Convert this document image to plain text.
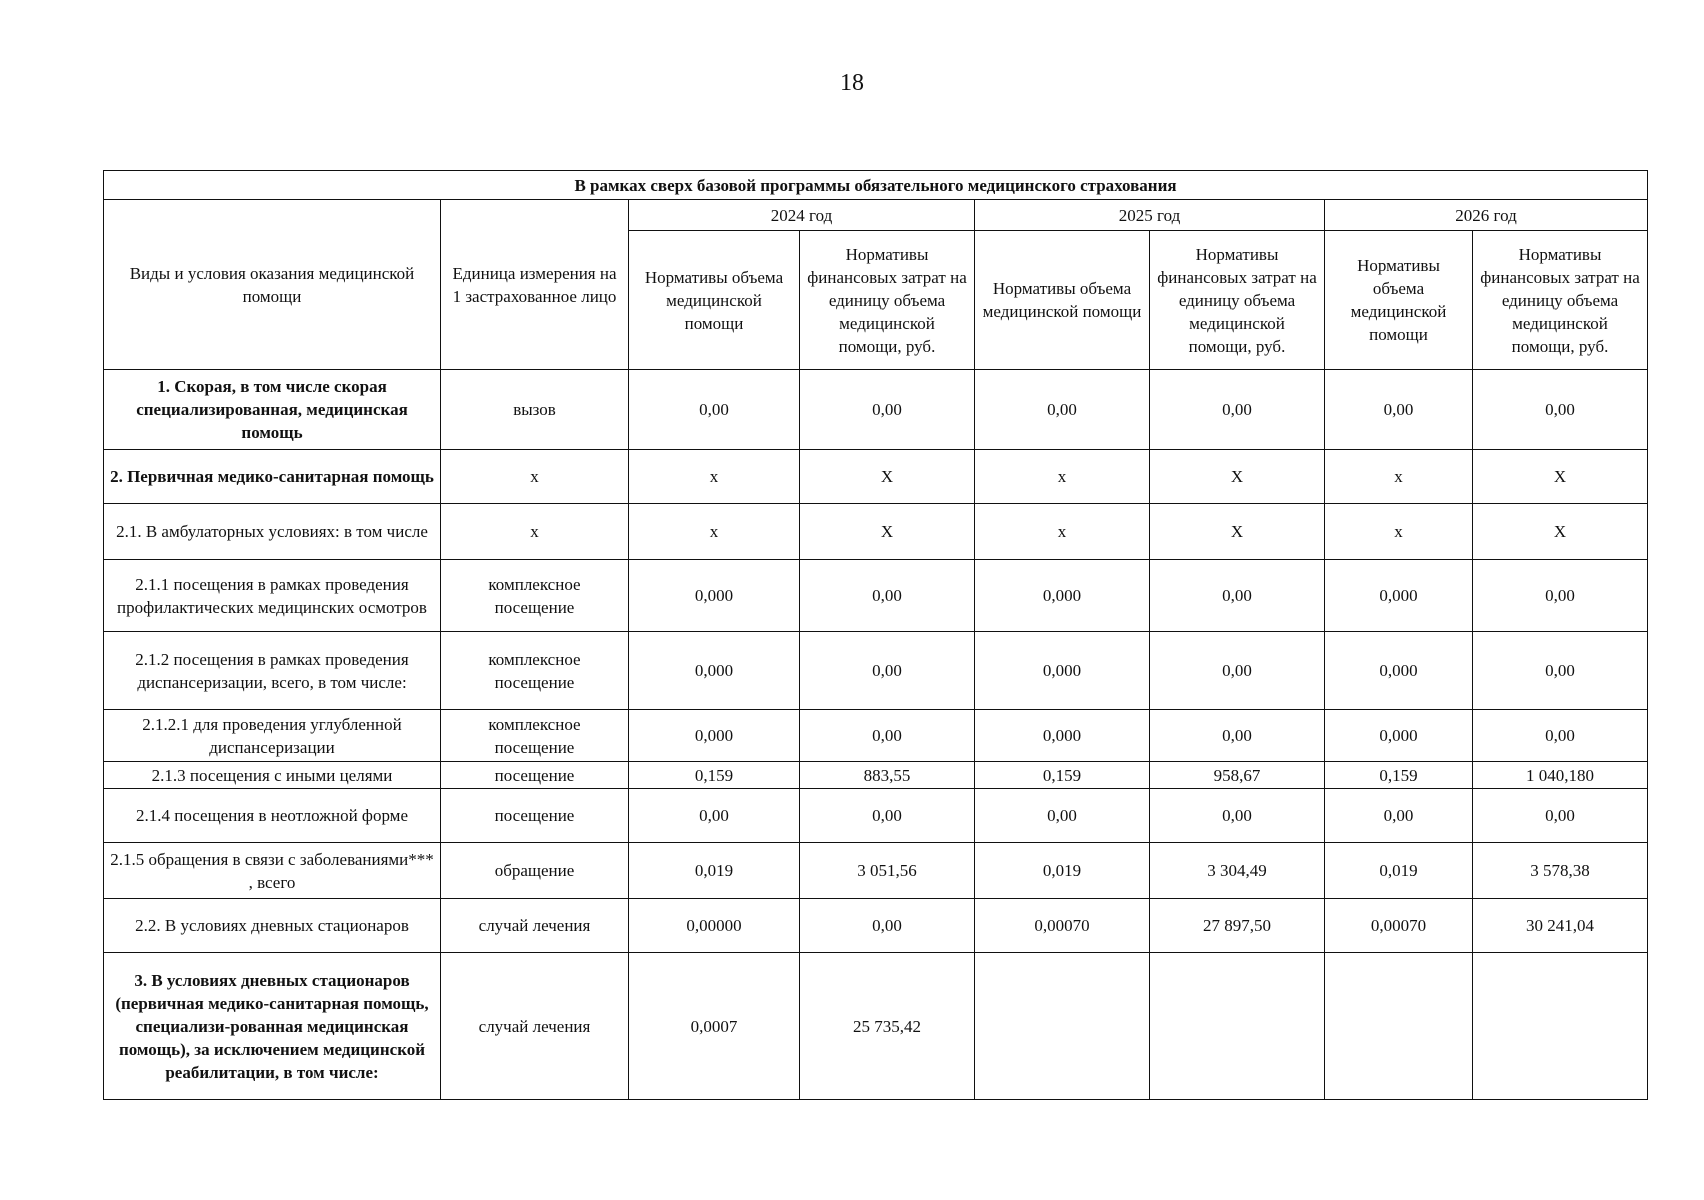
18
В рамках сверх базовой программы обязательного медицинского страхования							
Виды и условия оказания медицинской помощи	Единица измерения на 1 застрахованное лицо	2024 год		2025 год		2026 год	
		Нормативы объема медицинской помощи	Нормативы финансовых затрат на единицу объема медицинской помощи, руб.	Нормативы объема медицинской помощи	Нормативы финансовых затрат на единицу объема медицинской помощи, руб.	Нормативы объема медицинской помощи	Нормативы финансовых затрат на единицу объема медицинской помощи, руб.
1. Скорая, в том числе скорая специализированная, медицинская помощь	вызов	0,00	0,00	0,00	0,00	0,00	0,00
2. Первичная медико-санитарная помощь	x	x	X	x	X	x	X
2.1. В амбулаторных условиях: в том числе	x	x	X	x	X	x	X
2.1.1 посещения в рамках проведения профилактических медицинских осмотров	комплексное посещение	0,000	0,00	0,000	0,00	0,000	0,00
2.1.2 посещения в рамках проведения диспансеризации, всего, в том числе:	комплексное посещение	0,000	0,00	0,000	0,00	0,000	0,00
2.1.2.1 для проведения углубленной диспансеризации	комплексное посещение	0,000	0,00	0,000	0,00	0,000	0,00
2.1.3 посещения с иными целями	посещение	0,159	883,55	0,159	958,67	0,159	1 040,180
2.1.4 посещения в неотложной форме	посещение	0,00	0,00	0,00	0,00	0,00	0,00
2.1.5 обращения в связи с заболеваниями*** , всего	обращение	0,019	3 051,56	0,019	3 304,49	0,019	3 578,38
2.2. В условиях дневных стационаров	случай лечения	0,00000	0,00	0,00070	27 897,50	0,00070	30 241,04
3. В условиях дневных стационаров (первичная медико-санитарная помощь, специализи-рованная медицинская помощь), за исключением медицинской реабилитации, в том числе:	случай лечения	0,0007	25 735,42				
